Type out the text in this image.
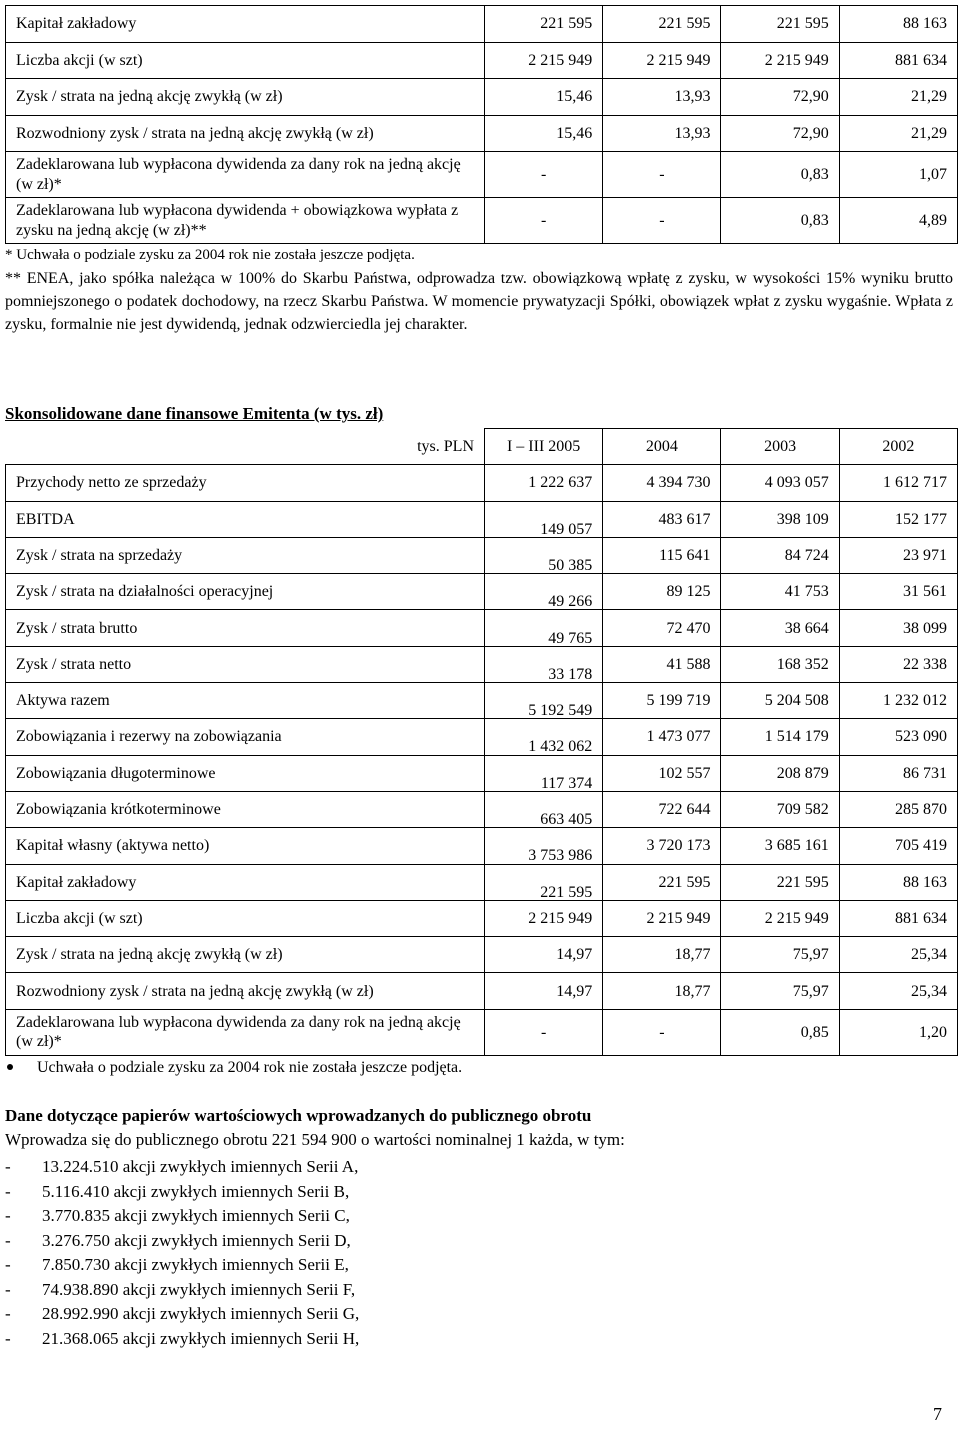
Kapitał zakładowy	221 595	221 595	221 595	88 163
Liczba akcji (w szt)	2 215 949	2 215 949	2 215 949	881 634
Zysk / strata na jedną akcję zwykłą (w zł)	15,46	13,93	72,90	21,29
Rozwodniony zysk / strata na jedną akcję zwykłą (w zł)	15,46	13,93	72,90	21,29
Zadeklarowana lub wypłacona dywidenda za dany rok na jedną akcję (w zł)*	-	-	0,83	1,07
Zadeklarowana lub wypłacona dywidenda + obowiązkowa wypłata z zysku na jedną akcję (w zł)**	-	-	0,83	4,89
* Uchwała o podziale zysku za 2004 rok nie została jeszcze podjęta.
** ENEA, jako spółka należąca w 100% do Skarbu Państwa, odprowadza tzw. obowiązkową wpłatę z zysku, w wysokości 15% wyniku brutto pomniejszonego o podatek dochodowy, na rzecz Skarbu Państwa. W momencie prywatyzacji Spółki, obowiązek wpłat z zysku wygaśnie. Wpłata z zysku, formalnie nie jest dywidendą, jednak odzwierciedla jej charakter.
Skonsolidowane dane finansowe Emitenta (w tys. zł)
tys. PLN	I – III 2005	2004	2003	2002
Przychody netto ze sprzedaży	1 222 637	4 394 730	4 093 057	1 612 717
EBITDA	149 057	483 617	398 109	152 177
Zysk / strata na sprzedaży	50 385	115 641	84 724	23 971
Zysk / strata na działalności operacyjnej	49 266	89 125	41 753	31 561
Zysk / strata brutto	49 765	72 470	38 664	38 099
Zysk / strata netto	33 178	41 588	168 352	22 338
Aktywa razem	5 192 549	5 199 719	5 204 508	1 232 012
Zobowiązania i rezerwy na zobowiązania	1 432 062	1 473 077	1 514 179	523 090
Zobowiązania długoterminowe	117 374	102 557	208 879	86 731
Zobowiązania krótkoterminowe	663 405	722 644	709 582	285 870
Kapitał własny (aktywa netto)	3 753 986	3 720 173	3 685 161	705 419
Kapitał zakładowy	221 595	221 595	221 595	88 163
Liczba akcji (w szt)	2 215 949	2 215 949	2 215 949	881 634
Zysk / strata na jedną akcję zwykłą (w zł)	14,97	18,77	75,97	25,34
Rozwodniony zysk / strata na jedną akcję zwykłą (w zł)	14,97	18,77	75,97	25,34
Zadeklarowana lub wypłacona dywidenda za dany rok na jedną akcję (w zł)*	-	-	0,85	1,20
Uchwała o podziale zysku za 2004 rok nie została jeszcze podjęta.
Dane dotyczące papierów wartościowych wprowadzanych do publicznego obrotu
Wprowadza się do publicznego obrotu 221 594 900 o wartości nominalnej 1 każda, w tym:
-	13.224.510 akcji zwykłych imiennych Serii A,
-	5.116.410 akcji zwykłych imiennych Serii B,
-	3.770.835 akcji zwykłych imiennych Serii C,
-	3.276.750 akcji zwykłych imiennych Serii D,
-	7.850.730 akcji zwykłych imiennych Serii E,
-	74.938.890 akcji zwykłych imiennych Serii F,
-	28.992.990 akcji zwykłych imiennych Serii G,
-	21.368.065 akcji zwykłych imiennych Serii H,
7
